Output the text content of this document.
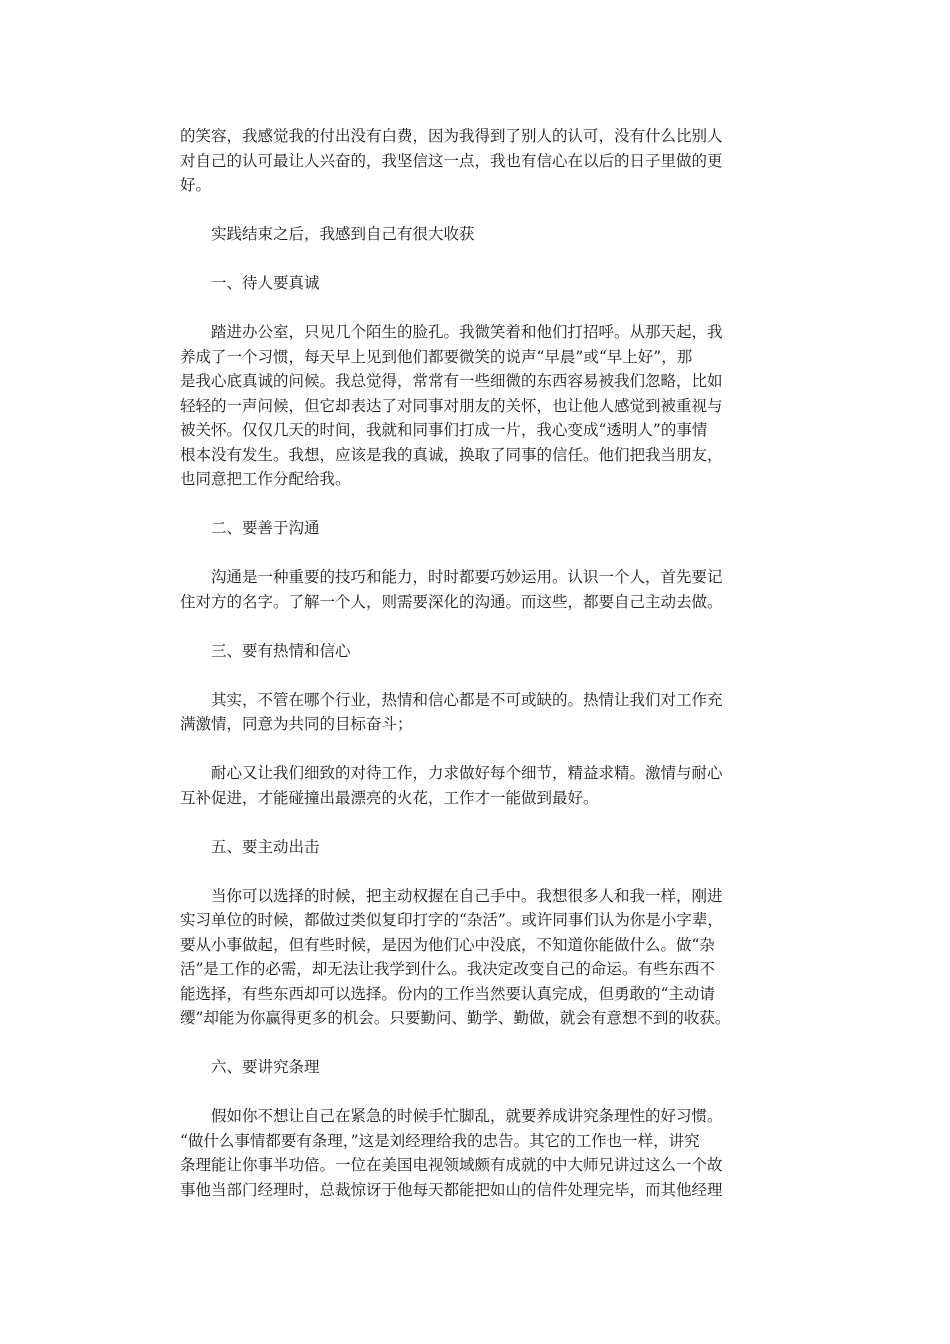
的笑容，我感觉我的付出没有白费，因为我得到了别人的认可，没有什么比别人
对自己的认可最让人兴奋的，我坚信这一点，我也有信心在以后的日子里做的更
好。

实践结束之后，我感到自己有很大收获

一、待人要真诚

踏进办公室，只见几个陌生的脸孔。我微笑着和他们打招呼。从那天起，我
养成了一个习惯，每天早上见到他们都要微笑的说声“早晨”或“早上好”，那
是我心底真诚的问候。我总觉得，常常有一些细微的东西容易被我们忽略，比如
轻轻的一声问候，但它却表达了对同事对朋友的关怀，也让他人感觉到被重视与
被关怀。仅仅几天的时间，我就和同事们打成一片，我心变成“透明人”的事情
根本没有发生。我想，应该是我的真诚，换取了同事的信任。他们把我当朋友，
也同意把工作分配给我。

二、要善于沟通

沟通是一种重要的技巧和能力，时时都要巧妙运用。认识一个人，首先要记
住对方的名字。了解一个人，则需要深化的沟通。而这些，都要自己主动去做。

三、要有热情和信心

其实，不管在哪个行业，热情和信心都是不可或缺的。热情让我们对工作充
满激情，同意为共同的目标奋斗；

耐心又让我们细致的对待工作，力求做好每个细节，精益求精。激情与耐心
互补促进，才能碰撞出最漂亮的火花，工作才一能做到最好。

五、要主动出击

当你可以选择的时候，把主动权握在自己手中。我想很多人和我一样，刚进
实习单位的时候，都做过类似复印打字的“杂活”。或许同事们认为你是小字辈，
要从小事做起，但有些时候，是因为他们心中没底，不知道你能做什么。做“杂
活”是工作的必需，却无法让我学到什么。我决定改变自己的命运。有些东西不
能选择，有些东西却可以选择。份内的工作当然要认真完成，但勇敢的“主动请
缨”却能为你赢得更多的机会。只要勤问、勤学、勤做，就会有意想不到的收获。

六、要讲究条理

假如你不想让自己在紧急的时候手忙脚乱，就要养成讲究条理性的好习惯。
“做什么事情都要有条理，”这是刘经理给我的忠告。其它的工作也一样，讲究
条理能让你事半功倍。一位在美国电视领域颇有成就的中大师兄讲过这么一个故
事他当部门经理时，总裁惊讶于他每天都能把如山的信件处理完毕，而其他经理
